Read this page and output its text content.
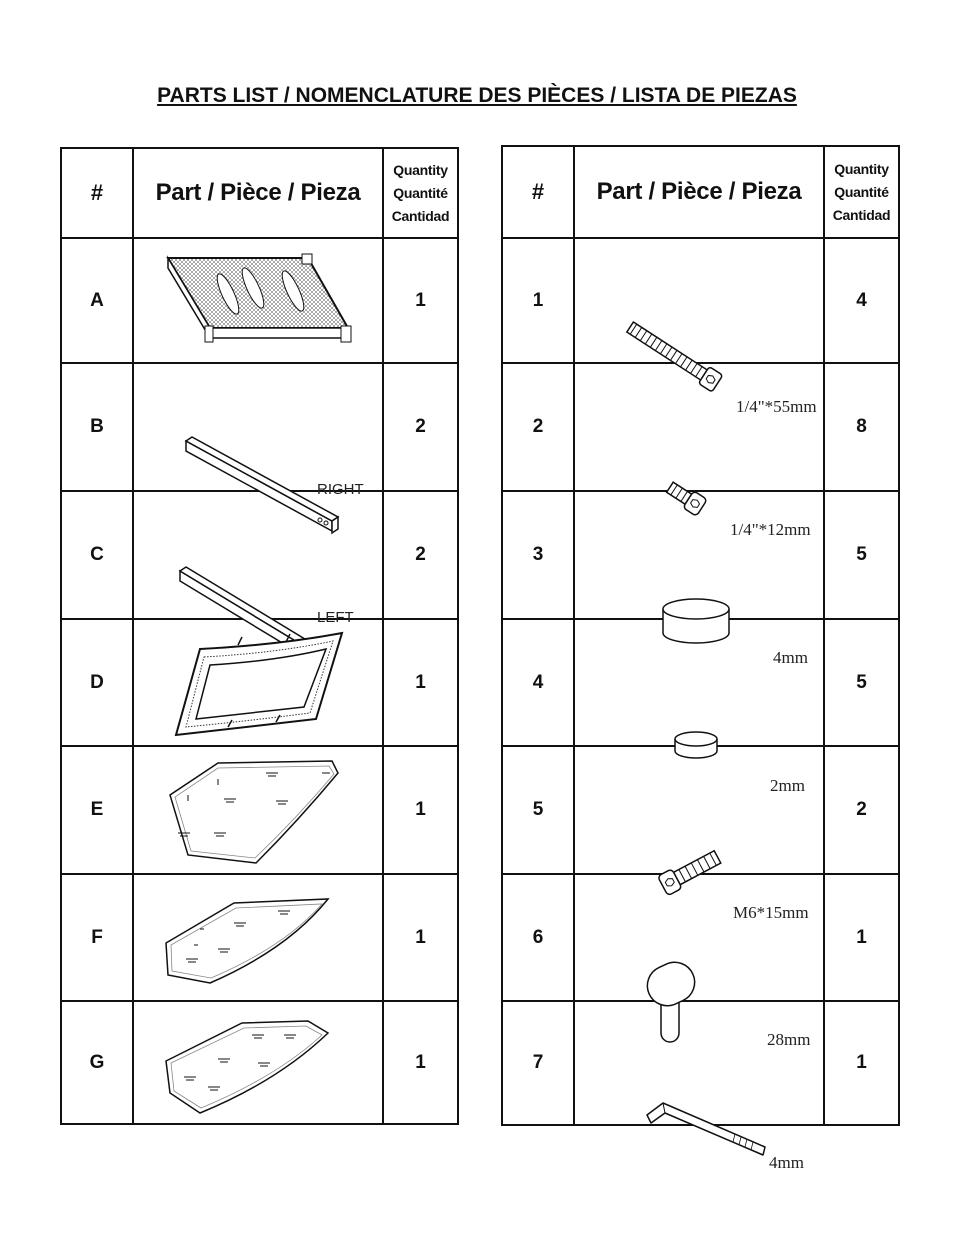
PARTS LIST / NOMENCLATURE DES PIÈCES / LISTA DE PIEZAS
#	Part / Pièce / Pieza	Quantity
Quantité
Cantidad

A		1
B	RIGHT	2
C	LEFT	2
D		1
E		1
F		1
G		1
#	Part / Pièce / Pieza	Quantity
Quantité
Cantidad

1	1/4"*55mm	4
2	1/4"*12mm	8
3	4mm	5
4	2mm	5
5	M6*15mm	2
6	28mm	1
7	4mm	1
